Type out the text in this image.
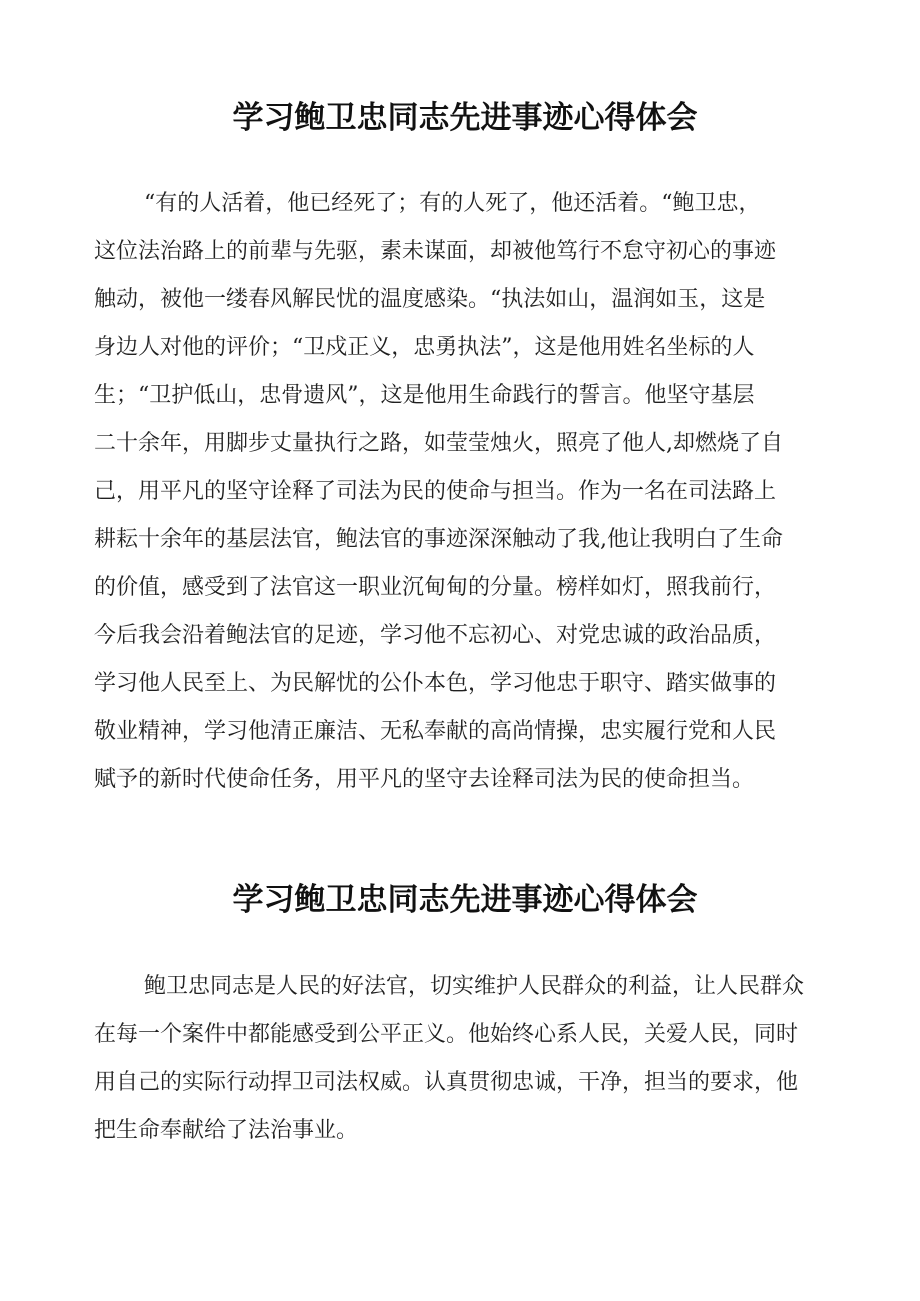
学习鲍卫忠同志先进事迹心得体会
“有的人活着，他已经死了；有的人死了，他还活着。“鲍卫忠，
这位法治路上的前辈与先驱，素未谋面，却被他笃行不怠守初心的事迹
触动，被他一缕春风解民忧的温度感染。“执法如山，温润如玉，这是
身边人对他的评价；“卫戍正义，忠勇执法”，这是他用姓名坐标的人
生；“卫护低山，忠骨遗风”，这是他用生命践行的誓言。他坚守基层
二十余年，用脚步丈量执行之路，如莹莹烛火，照亮了他人,却燃烧了自
己，用平凡的坚守诠释了司法为民的使命与担当。作为一名在司法路上
耕耘十余年的基层法官，鲍法官的事迹深深触动了我,他让我明白了生命
的价值，感受到了法官这一职业沉甸甸的分量。榜样如灯，照我前行，
今后我会沿着鲍法官的足迹，学习他不忘初心、对党忠诚的政治品质，
学习他人民至上、为民解忧的公仆本色，学习他忠于职守、踏实做事的
敬业精神，学习他清正廉洁、无私奉献的高尚情操，忠实履行党和人民
赋予的新时代使命任务，用平凡的坚守去诠释司法为民的使命担当。
学习鲍卫忠同志先进事迹心得体会
鲍卫忠同志是人民的好法官，切实维护人民群众的利益，让人民群众
在每一个案件中都能感受到公平正义。他始终心系人民，关爱人民，同时
用自己的实际行动捍卫司法权威。认真贯彻忠诚，干净，担当的要求，他
把生命奉献给了法治事业。
